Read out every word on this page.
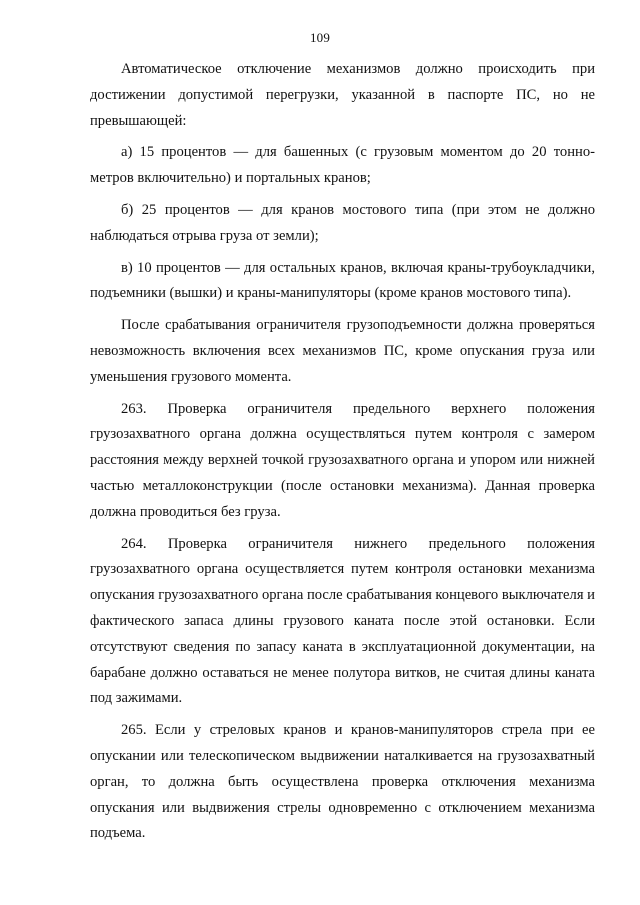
109

Автоматическое отключение механизмов должно происходить при достижении допустимой перегрузки, указанной в паспорте ПС, но не превышающей:

а) 15 процентов — для башенных (с грузовым моментом до 20 тонно-метров включительно) и портальных кранов;

б) 25 процентов — для кранов мостового типа (при этом не должно наблюдаться отрыва груза от земли);

в) 10 процентов — для остальных кранов, включая краны-трубоукладчики, подъемники (вышки) и краны-манипуляторы (кроме кранов мостового типа).

После срабатывания ограничителя грузоподъемности должна проверяться невозможность включения всех механизмов ПС, кроме опускания груза или уменьшения грузового момента.

263. Проверка ограничителя предельного верхнего положения грузозахватного органа должна осуществляться путем контроля с замером расстояния между верхней точкой грузозахватного органа и упором или нижней частью металлоконструкции (после остановки механизма). Данная проверка должна проводиться без груза.

264. Проверка ограничителя нижнего предельного положения грузозахватного органа осуществляется путем контроля остановки механизма опускания грузозахватного органа после срабатывания концевого выключателя и фактического запаса длины грузового каната после этой остановки. Если отсутствуют сведения по запасу каната в эксплуатационной документации, на барабане должно оставаться не менее полутора витков, не считая длины каната под зажимами.

265. Если у стреловых кранов и кранов-манипуляторов стрела при ее опускании или телескопическом выдвижении наталкивается на грузозахватный орган, то должна быть осуществлена проверка отключения механизма опускания или выдвижения стрелы одновременно с отключением механизма подъема.
